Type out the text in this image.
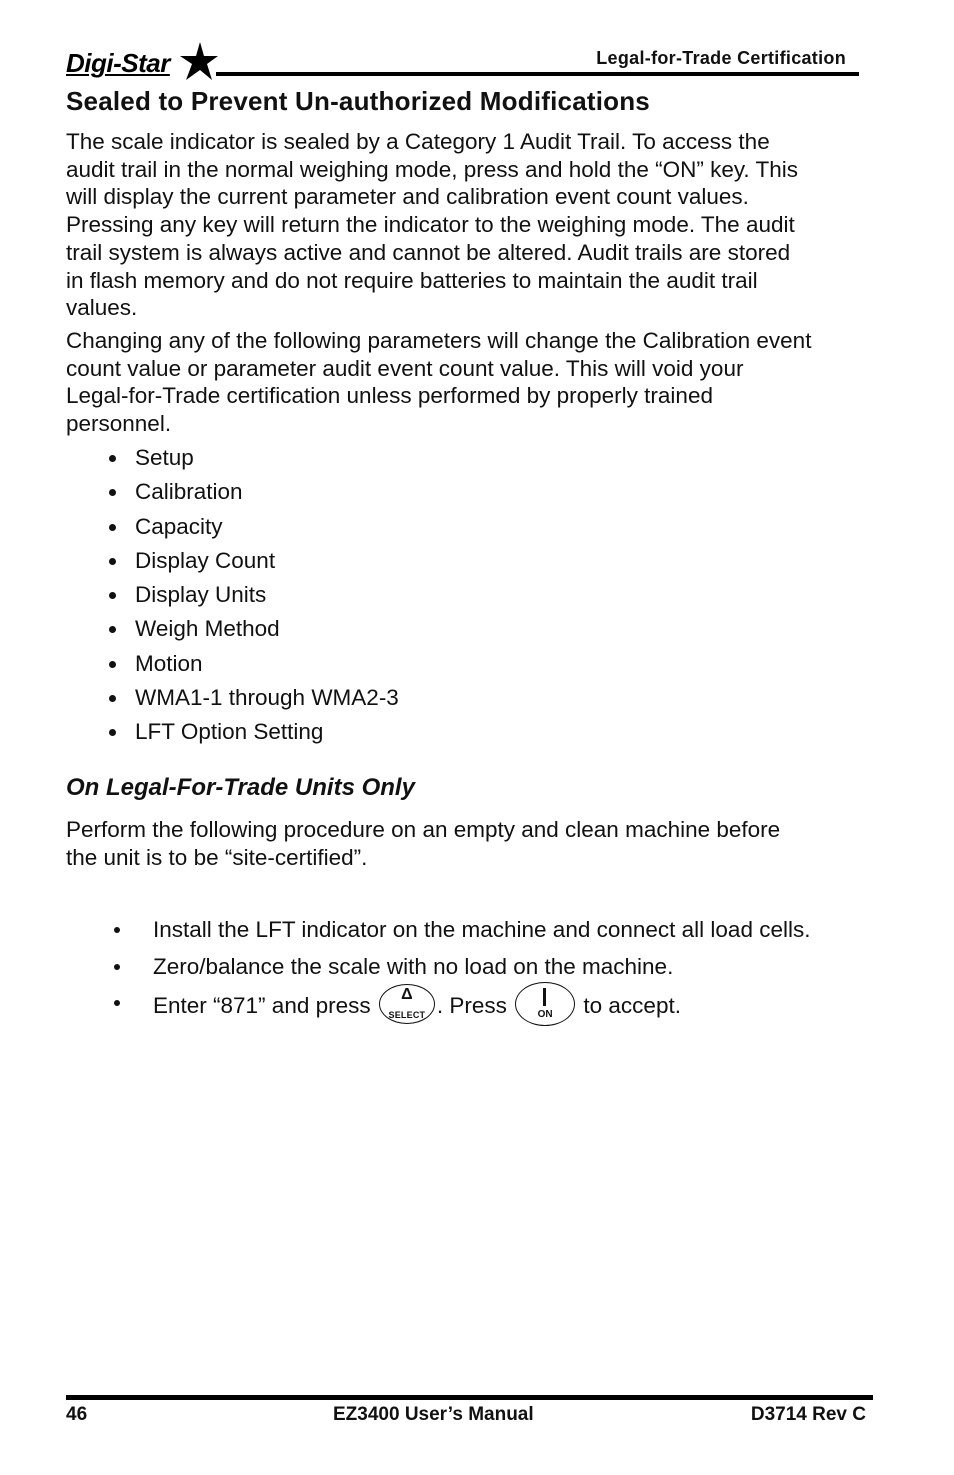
Digi-Star	Legal-for-Trade Certification
Sealed to Prevent Un-authorized Modifications
The scale indicator is sealed by a Category 1 Audit Trail. To access the
audit trail in the normal weighing mode, press and hold the “ON” key. This
will display the current parameter and calibration event count values.
Pressing any key will return the indicator to the weighing mode. The audit
trail system is always active and cannot be altered. Audit trails are stored
in flash memory and do not require batteries to maintain the audit trail
values.
Changing any of the following parameters will change the Calibration event
count value or parameter audit event count value. This will void your
Legal-for-Trade certification unless performed by properly trained
personnel.
Setup
Calibration
Capacity
Display Count
Display Units
Weigh Method
Motion
WMA1-1 through WMA2-3
LFT Option Setting
On Legal-For-Trade Units Only
Perform the following procedure on an empty and clean machine before
the unit is to be “site-certified”.
Install the LFT indicator on the machine and connect all load cells.
Zero/balance the scale with no load on the machine.
Enter “871” and press	Δ
SELECT . Press	ON	to accept.
46	EZ3400 User’s Manual	D3714 Rev C
